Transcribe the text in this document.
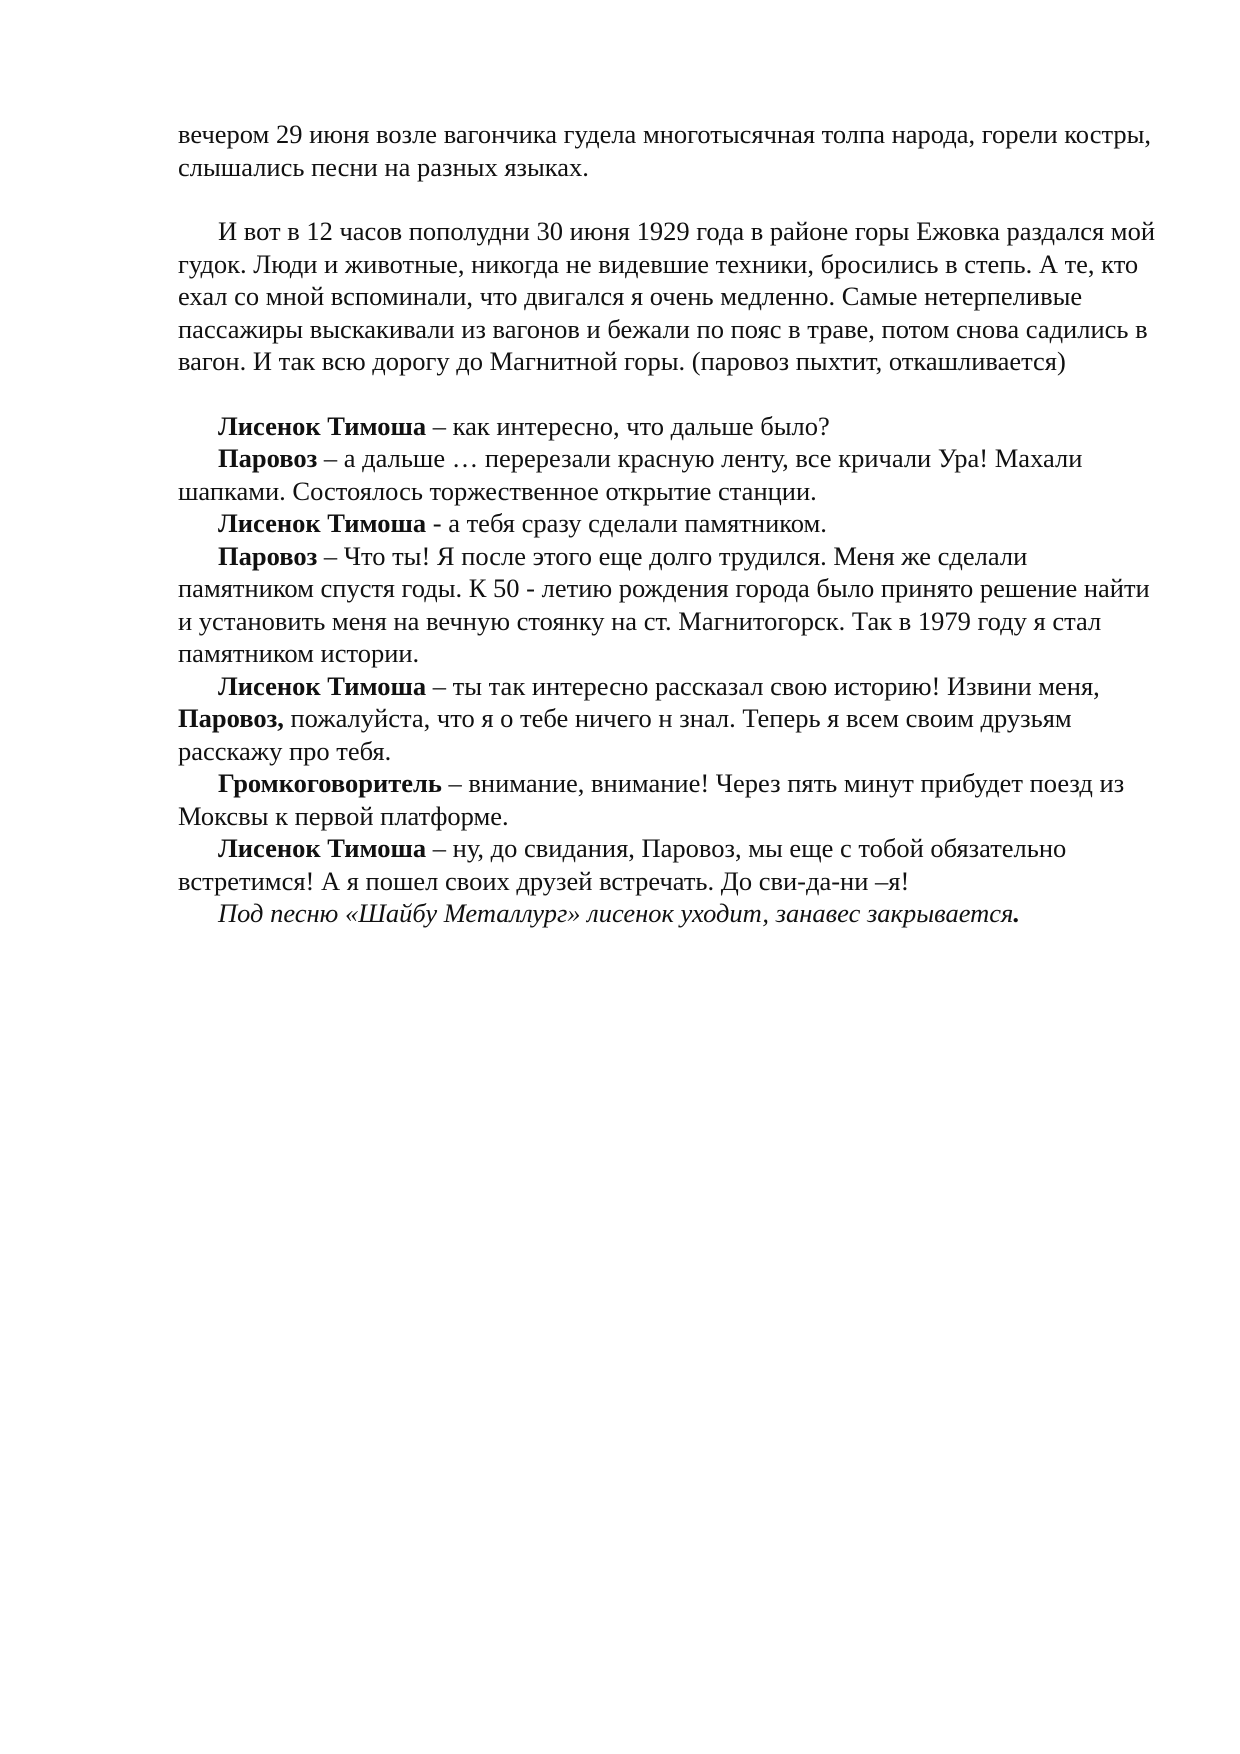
вечером 29 июня возле вагончика гудела многотысячная толпа народа, горели костры, слышались песни на разных языках.

И вот в 12 часов пополудни 30 июня 1929 года в районе горы Ежовка раздался мой гудок. Люди и животные, никогда не видевшие техники, бросились в степь. А те, кто ехал со мной вспоминали, что двигался я очень медленно. Самые нетерпеливые пассажиры выскакивали из вагонов и бежали по пояс в траве, потом снова садились в вагон. И так всю дорогу до Магнитной горы. (паровоз пыхтит, откашливается)

Лисенок Тимоша – как интересно, что дальше было?

Паровоз – а дальше … перерезали красную ленту, все кричали Ура! Махали шапками. Состоялось торжественное открытие станции.

Лисенок Тимоша - а тебя сразу сделали памятником.

Паровоз – Что ты! Я после этого еще долго трудился. Меня же сделали памятником спустя годы. К 50 - летию рождения города было принято решение найти и установить меня на вечную стоянку на ст. Магнитогорск. Так в 1979 году я стал памятником истории.

Лисенок Тимоша – ты так интересно рассказал свою историю! Извини меня, Паровоз, пожалуйста, что я о тебе ничего н знал. Теперь я всем своим друзьям расскажу про тебя.

Громкоговоритель – внимание, внимание! Через пять минут прибудет поезд из Моксвы к первой платформе.

Лисенок Тимоша – ну, до свидания, Паровоз, мы еще с тобой обязательно встретимся! А я пошел своих друзей встречать. До сви-да-ни –я!

Под песню «Шайбу Металлург» лисенок уходит, занавес закрывается.
